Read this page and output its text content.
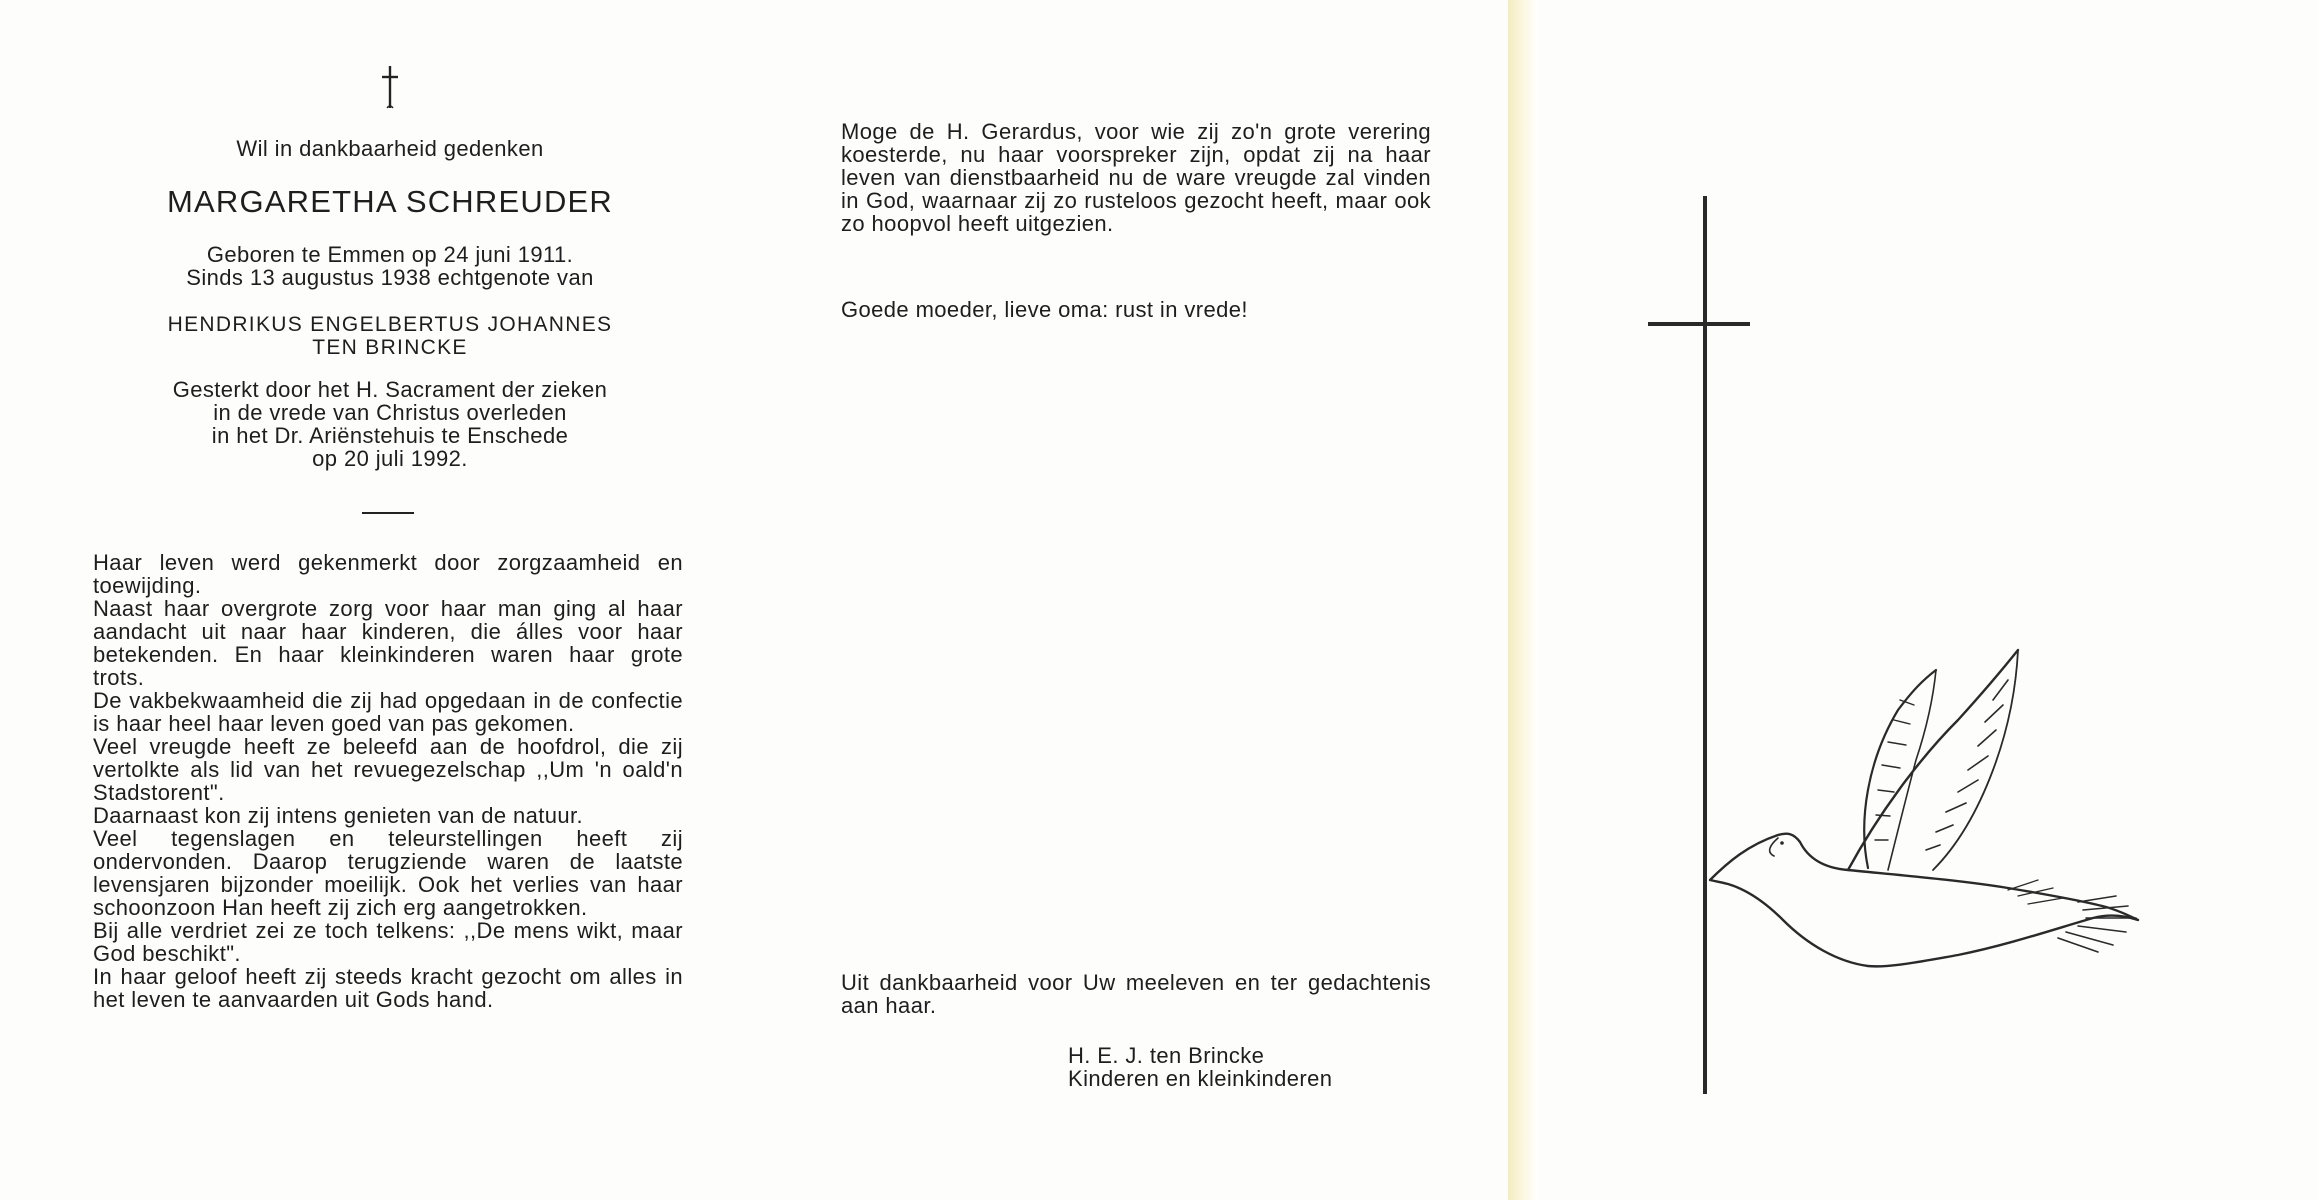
Wil in dankbaarheid gedenken
MARGARETHA SCHREUDER
Geboren te Emmen op 24 juni 1911.
Sinds 13 augustus 1938 echtgenote van
HENDRIKUS ENGELBERTUS JOHANNES
TEN BRINCKE
Gesterkt door het H. Sacrament der zieken
in de vrede van Christus overleden
in het Dr. Ariënstehuis te Enschede
op 20 juli 1992.
Haar leven werd gekenmerkt door zorgzaamheid en toewijding.
Naast haar overgrote zorg voor haar man ging al haar aandacht uit naar haar kinderen, die álles voor haar betekenden. En haar kleinkinderen waren haar grote trots.
De vakbekwaamheid die zij had opgedaan in de confectie is haar heel haar leven goed van pas gekomen.
Veel vreugde heeft ze beleefd aan de hoofdrol, die zij vertolkte als lid van het revuegezelschap ,,Um 'n oald'n Stadstorent".
Daarnaast kon zij intens genieten van de natuur.
Veel tegenslagen en teleurstellingen heeft zij ondervonden. Daarop terugziende waren de laatste levensjaren bijzonder moeilijk. Ook het verlies van haar schoonzoon Han heeft zij zich erg aangetrokken.
Bij alle verdriet zei ze toch telkens: ,,De mens wikt, maar God beschikt".
In haar geloof heeft zij steeds kracht gezocht om alles in het leven te aanvaarden uit Gods hand.
Moge de H. Gerardus, voor wie zij zo'n grote verering koesterde, nu haar voorspreker zijn, opdat zij na haar leven van dienstbaarheid nu de ware vreugde zal vinden in God, waarnaar zij zo rusteloos gezocht heeft, maar ook zo hoopvol heeft uitgezien.
Goede moeder, lieve oma: rust in vrede!
Uit dankbaarheid voor Uw meeleven en ter gedachtenis aan haar.
H. E. J. ten Brincke
Kinderen en kleinkinderen
